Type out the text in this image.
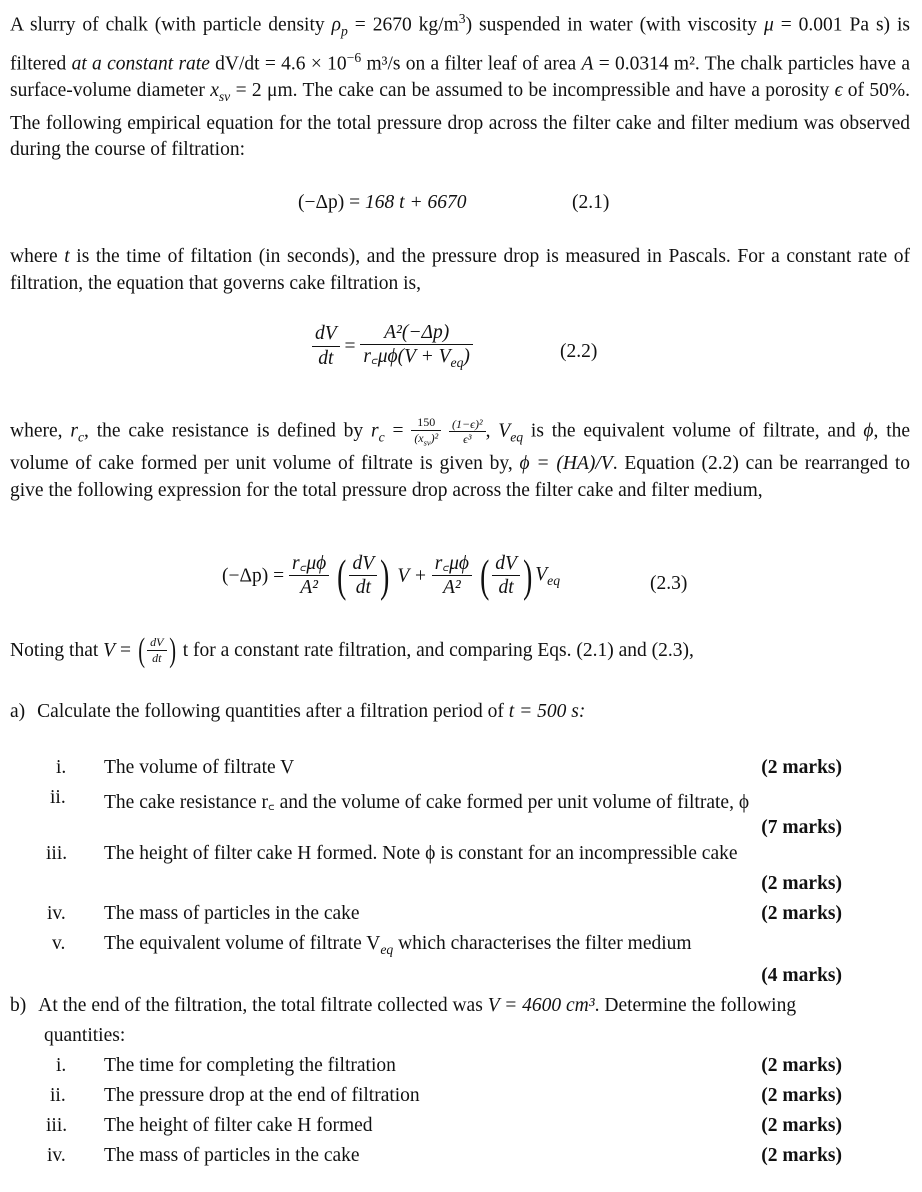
A slurry of chalk (with particle density $\rho_p = 2670$ $kg/m^3$) suspended in water (with viscosity μ = 0.001 Pa s) is filtered at a constant rate $dV/dt = 4.6 \times 10^{-6}$ m³/s on a filter leaf of area A = 0.0314 m². The chalk particles have a surface-volume diameter $x_{sv} = 2$ μm. The cake can be assumed to be incompressible and have a porosity ϵ of 50%. The following empirical equation for the total pressure drop across the filter cake and filter medium was observed during the course of filtration:

(−Δp) = 168 t + 6670	(2.1)

where t is the time of filtation (in seconds), and the pressure drop is measured in Pascals. For a constant rate of filtration, the equation that governs cake filtration is,

$\frac{dV}{dt} = \frac{\text{A²(−Δp)}}{r꜀\mu\phi(V + V_{eq})}$	(2.2)

where, $r_c$, the cake resistance is defined by $r_c = \frac{150}{(x_{sv})^2}$
$\frac{\text{(1−ϵ)²}}{\text{ϵ³}}$ , $V_{eq}$ is the equivalent volume of filtrate, and ϕ, the volume of cake formed per unit volume of filtrate is given by, ϕ = (HA)/V. Equation (2.2) can be rearranged to give the following expression for the total pressure drop across the filter cake and filter medium,

$(-\Delta p) = \frac{r꜀\mu\phi}{\text{A²}}$ ( $\frac{dV}{dt}$ ) $V + \frac{r꜀\mu\phi}{\text{A²}}$ ( $\frac{dV}{dt}$ ) $V_{eq}$	(2.3)
Noting that V = ( $\frac{dV}{dt}$ ) t for a constant rate filtration, and comparing Eqs. (2.1) and (2.3),
a) Calculate the following quantities after a filtration period of t = 500 s:
i. The volume of filtrate V	(2 marks)
ii. The cake resistance r꜀ and the volume of cake formed per unit volume of filtrate, ϕ
(7 marks)
iii. The height of filter cake H formed. Note ϕ is constant for an incompressible cake
(2 marks)
iv. The mass of particles in the cake	(2 marks)
v. The equivalent volume of filtrate $V_{eq}$ which characterises the filter medium
(4 marks)
b) At the end of the filtration, the total filtrate collected was V = 4600 cm³. Determine the following
quantities:
i. The time for completing the filtration	(2 marks)
ii. The pressure drop at the end of filtration	(2 marks)
iii. The height of filter cake H formed	(2 marks)
iv. The mass of particles in the cake	(2 marks)
